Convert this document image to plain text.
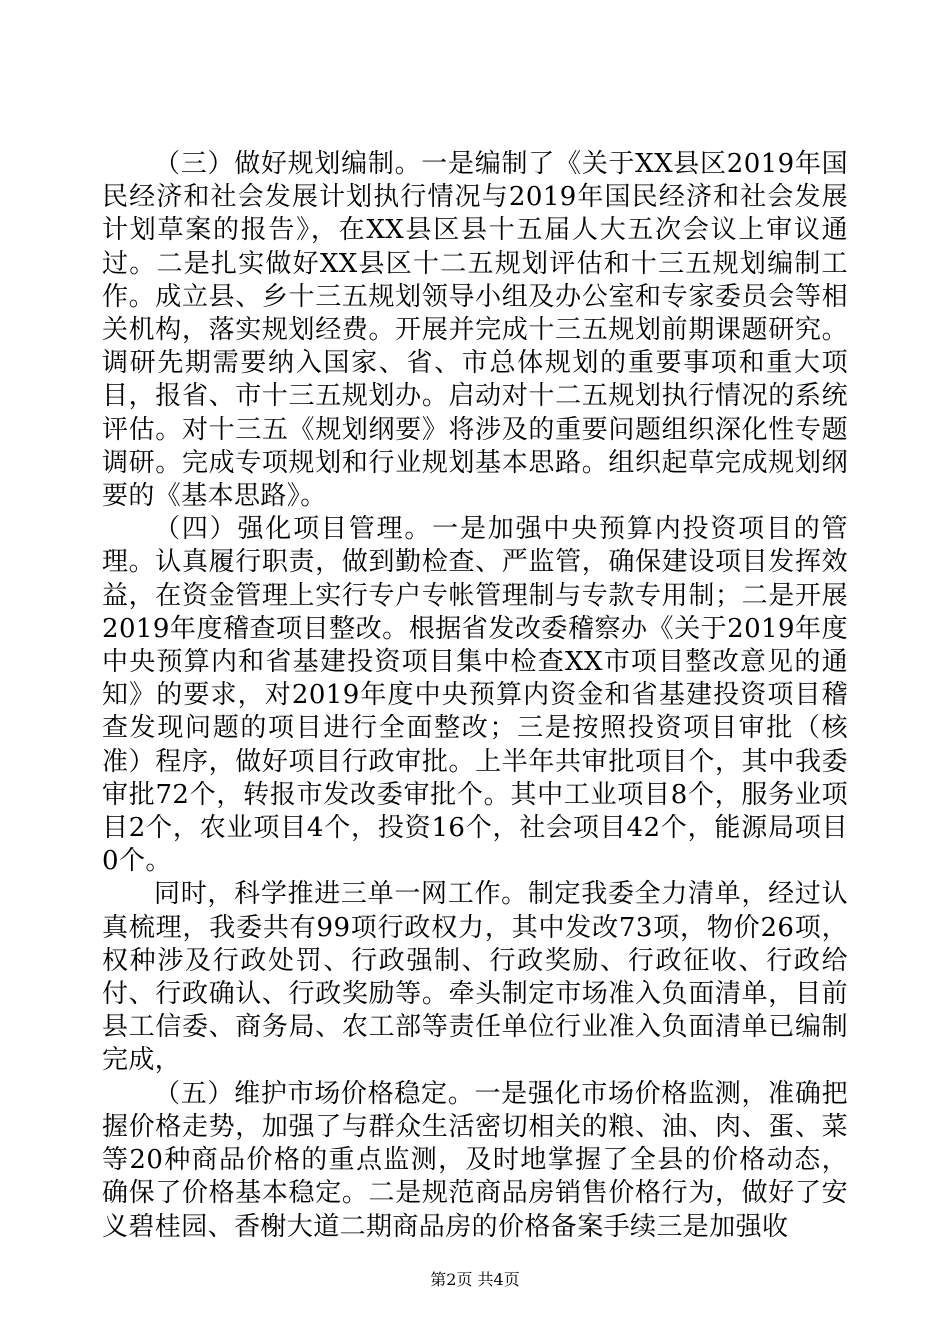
（三）做好规划编制。一是编制了《关于XX县区2019年国民经济和社会发展计划执行情况与2019年国民经济和社会发展计划草案的报告》，在XX县区县十五届人大五次会议上审议通过。二是扎实做好XX县区十二五规划评估和十三五规划编制工作。成立县、乡十三五规划领导小组及办公室和专家委员会等相关机构，落实规划经费。开展并完成十三五规划前期课题研究。调研先期需要纳入国家、省、市总体规划的重要事项和重大项目，报省、市十三五规划办。启动对十二五规划执行情况的系统评估。对十三五《规划纲要》将涉及的重要问题组织深化性专题调研。完成专项规划和行业规划基本思路。组织起草完成规划纲要的《基本思路》。

（四）强化项目管理。一是加强中央预算内投资项目的管理。认真履行职责，做到勤检查、严监管，确保建设项目发挥效益，在资金管理上实行专户专帐管理制与专款专用制；二是开展2019年度稽查项目整改。根据省发改委稽察办《关于2019年度中央预算内和省基建投资项目集中检查XX市项目整改意见的通知》的要求，对2019年度中央预算内资金和省基建投资项目稽查发现问题的项目进行全面整改；三是按照投资项目审批（核准）程序，做好项目行政审批。上半年共审批项目个，其中我委审批72个，转报市发改委审批个。其中工业项目8个，服务业项目2个，农业项目4个，投资16个，社会项目42个，能源局项目0个。

同时，科学推进三单一网工作。制定我委全力清单，经过认真梳理，我委共有99项行政权力，其中发改73项，物价26项，权种涉及行政处罚、行政强制、行政奖励、行政征收、行政给付、行政确认、行政奖励等。牵头制定市场准入负面清单，目前县工信委、商务局、农工部等责任单位行业准入负面清单已编制完成，

（五）维护市场价格稳定。一是强化市场价格监测，准确把握价格走势，加强了与群众生活密切相关的粮、油、肉、蛋、菜等20种商品价格的重点监测，及时地掌握了全县的价格动态，确保了价格基本稳定。二是规范商品房销售价格行为，做好了安义碧桂园、香榭大道二期商品房的价格备案手续三是加强收

第2页 共4页
